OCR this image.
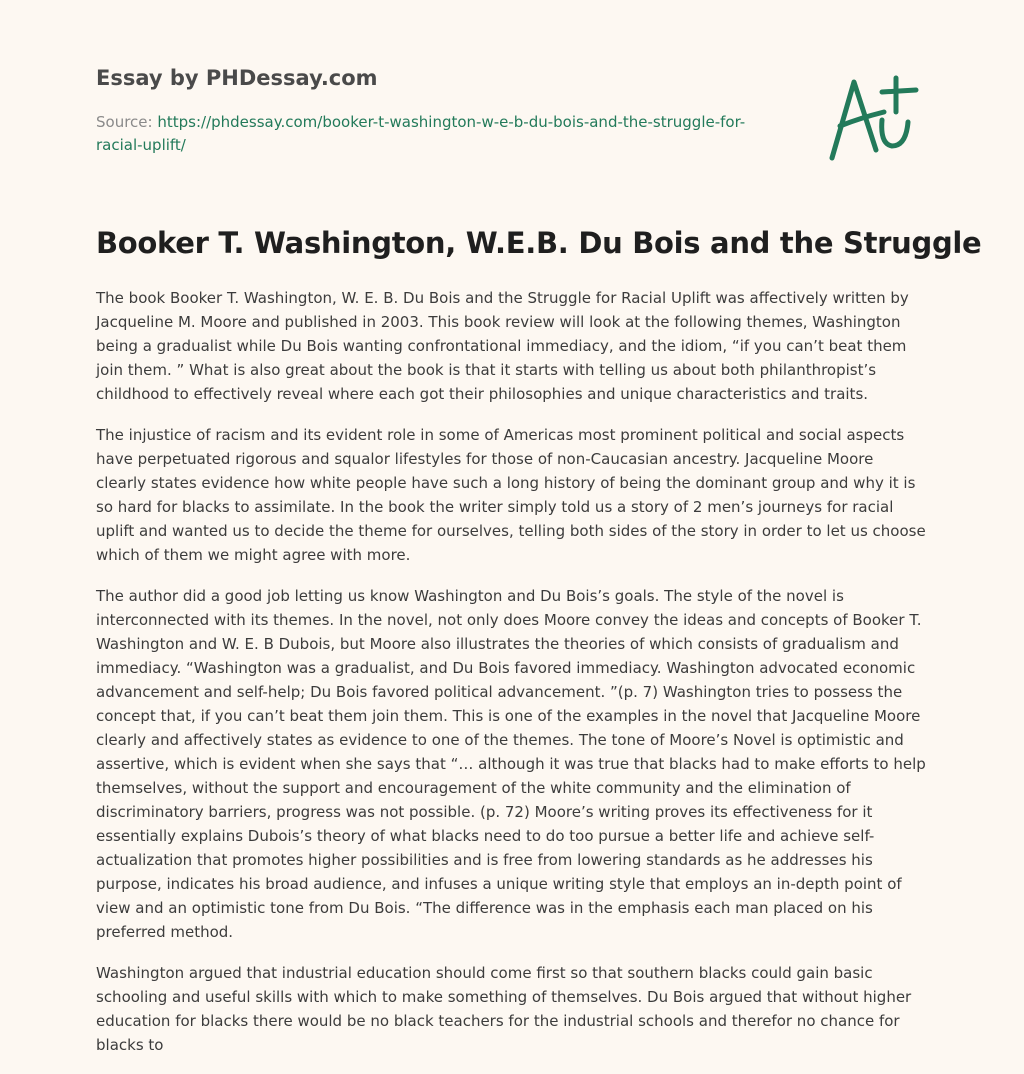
Essay by PHDessay.com
Source: https://phdessay.com/booker-t-washington-w-e-b-du-bois-and-the-struggle-for-racial-uplift/
Booker T. Washington, W.E.B. Du Bois and the Struggle

The book Booker T. Washington, W. E. B. Du Bois and the Struggle for Racial Uplift was affectively written by Jacqueline M. Moore and published in 2003. This book review will look at the following themes, Washington being a gradualist while Du Bois wanting confrontational immediacy, and the idiom, “if you can’t beat them join them. ” What is also great about the book is that it starts with telling us about both philanthropist’s childhood to effectively reveal where each got their philosophies and unique characteristics and traits.

The injustice of racism and its evident role in some of Americas most prominent political and social aspects have perpetuated rigorous and squalor lifestyles for those of non-Caucasian ancestry. Jacqueline Moore clearly states evidence how white people have such a long history of being the dominant group and why it is so hard for blacks to assimilate. In the book the writer simply told us a story of 2 men’s journeys for racial uplift and wanted us to decide the theme for ourselves, telling both sides of the story in order to let us choose which of them we might agree with more.

The author did a good job letting us know Washington and Du Bois’s goals. The style of the novel is interconnected with its themes. In the novel, not only does Moore convey the ideas and concepts of Booker T. Washington and W. E. B Dubois, but Moore also illustrates the theories of which consists of gradualism and immediacy. “Washington was a gradualist, and Du Bois favored immediacy. Washington advocated economic advancement and self-help; Du Bois favored political advancement. ”(p. 7) Washington tries to possess the concept that, if you can’t beat them join them. This is one of the examples in the novel that Jacqueline Moore clearly and affectively states as evidence to one of the themes. The tone of Moore’s Novel is optimistic and assertive, which is evident when she says that “… although it was true that blacks had to make efforts to help themselves, without the support and encouragement of the white community and the elimination of discriminatory barriers, progress was not possible. (p. 72) Moore’s writing proves its effectiveness for it essentially explains Dubois’s theory of what blacks need to do too pursue a better life and achieve self-actualization that promotes higher possibilities and is free from lowering standards as he addresses his purpose, indicates his broad audience, and infuses a unique writing style that employs an in-depth point of view and an optimistic tone from Du Bois. “The difference was in the emphasis each man placed on his preferred method.

Washington argued that industrial education should come first so that southern blacks could gain basic schooling and useful skills with which to make something of themselves. Du Bois argued that without higher education for blacks there would be no black teachers for the industrial schools and therefor no chance for blacks to
